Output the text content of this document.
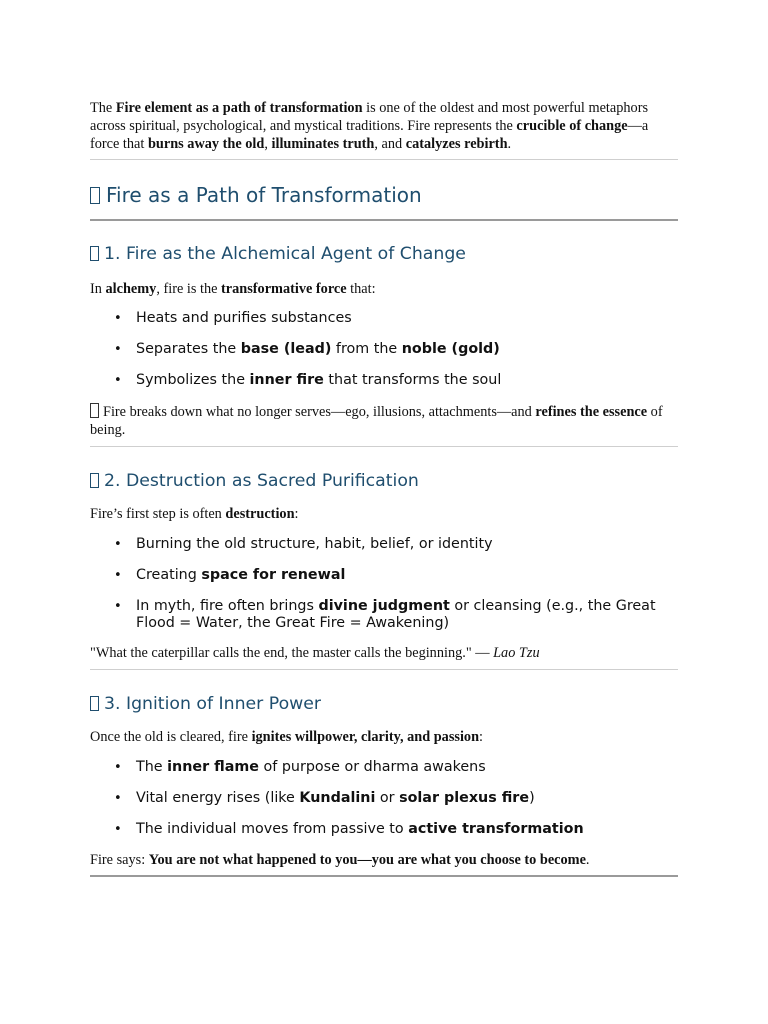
The Fire element as a path of transformation is one of the oldest and most powerful metaphors across spiritual, psychological, and mystical traditions. Fire represents the crucible of change—a force that burns away the old, illuminates truth, and catalyzes rebirth.

Fire as a Path of Transformation
1. Fire as the Alchemical Agent of Change

In alchemy, fire is the transformative force that:

• Heats and purifies substances
• Separates the base (lead) from the noble (gold)
• Symbolizes the inner fire that transforms the soul

Fire breaks down what no longer serves—ego, illusions, attachments—and refines the essence of being.

2. Destruction as Sacred Purification

Fire’s first step is often destruction:

• Burning the old structure, habit, belief, or identity
• Creating space for renewal
• In myth, fire often brings divine judgment or cleansing (e.g., the Great Flood = Water, the Great Fire = Awakening)

"What the caterpillar calls the end, the master calls the beginning." — Lao Tzu

3. Ignition of Inner Power

Once the old is cleared, fire ignites willpower, clarity, and passion:

• The inner flame of purpose or dharma awakens
• Vital energy rises (like Kundalini or solar plexus fire)
• The individual moves from passive to active transformation

Fire says: You are not what happened to you—you are what you choose to become.
